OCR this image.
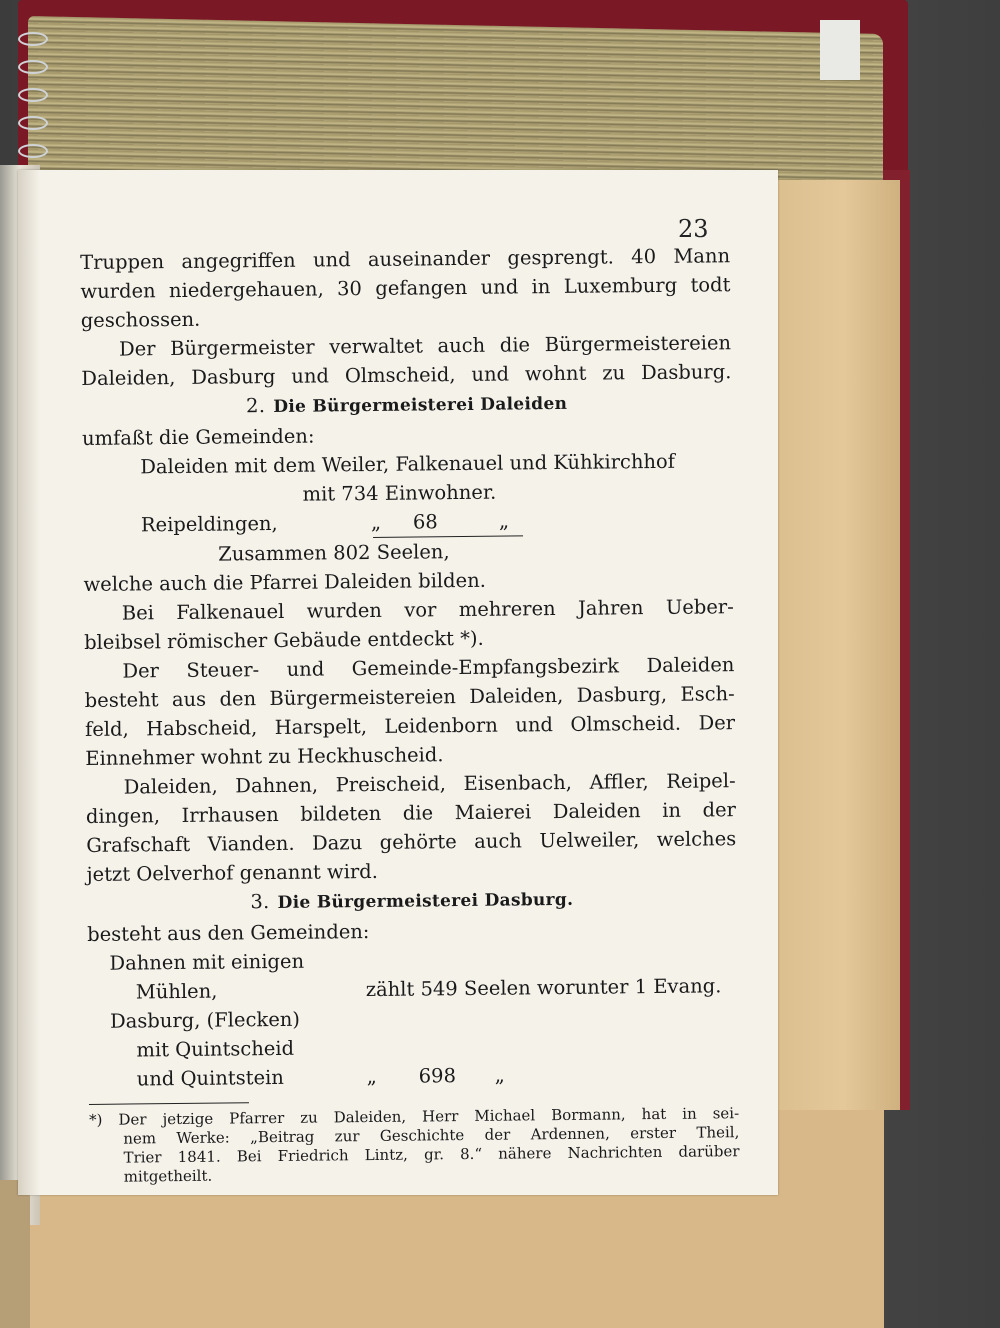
23

Truppen angegriffen und auseinander gesprengt. 40 Mann

wurden niedergehauen, 30 gefangen und in Luxemburg todt

geschossen.

Der Bürgermeister verwaltet auch die Bürgermeistereien

Daleiden, Dasburg und Olmscheid, und wohnt zu Dasburg.

2. Die Bürgermeisterei Daleiden

umfaßt die Gemeinden:

Daleiden mit dem Weiler, Falkenauel und Kühkirchhof

mit 734 Einwohner.

Reipeldingen,	„	68	„

Zusammen 802 Seelen,

welche auch die Pfarrei Daleiden bilden.

Bei Falkenauel wurden vor mehreren Jahren Ueber-

bleibsel römischer Gebäude entdeckt *).

Der Steuer- und Gemeinde-Empfangsbezirk Daleiden

besteht aus den Bürgermeistereien Daleiden, Dasburg, Esch-

feld, Habscheid, Harspelt, Leidenborn und Olmscheid. Der

Einnehmer wohnt zu Heckhuscheid.

Daleiden, Dahnen, Preischeid, Eisenbach, Affler, Reipel-

dingen, Irrhausen bildeten die Maierei Daleiden in der

Grafschaft Vianden. Dazu gehörte auch Uelweiler, welches

jetzt Oelverhof genannt wird.

3. Die Bürgermeisterei Dasburg.

besteht aus den Gemeinden:

Dahnen mit einigen

Mühlen,	zählt 549 Seelen worunter 1 Evang.

Dasburg, (Flecken)

mit Quintscheid

und Quintstein	„	698	„

*) Der jetzige Pfarrer zu Daleiden, Herr Michael Bormann, hat in sei-

nem Werke: „Beitrag zur Geschichte der Ardennen, erster Theil,

Trier 1841. Bei Friedrich Lintz, gr. 8.“ nähere Nachrichten darüber

mitgetheilt.
